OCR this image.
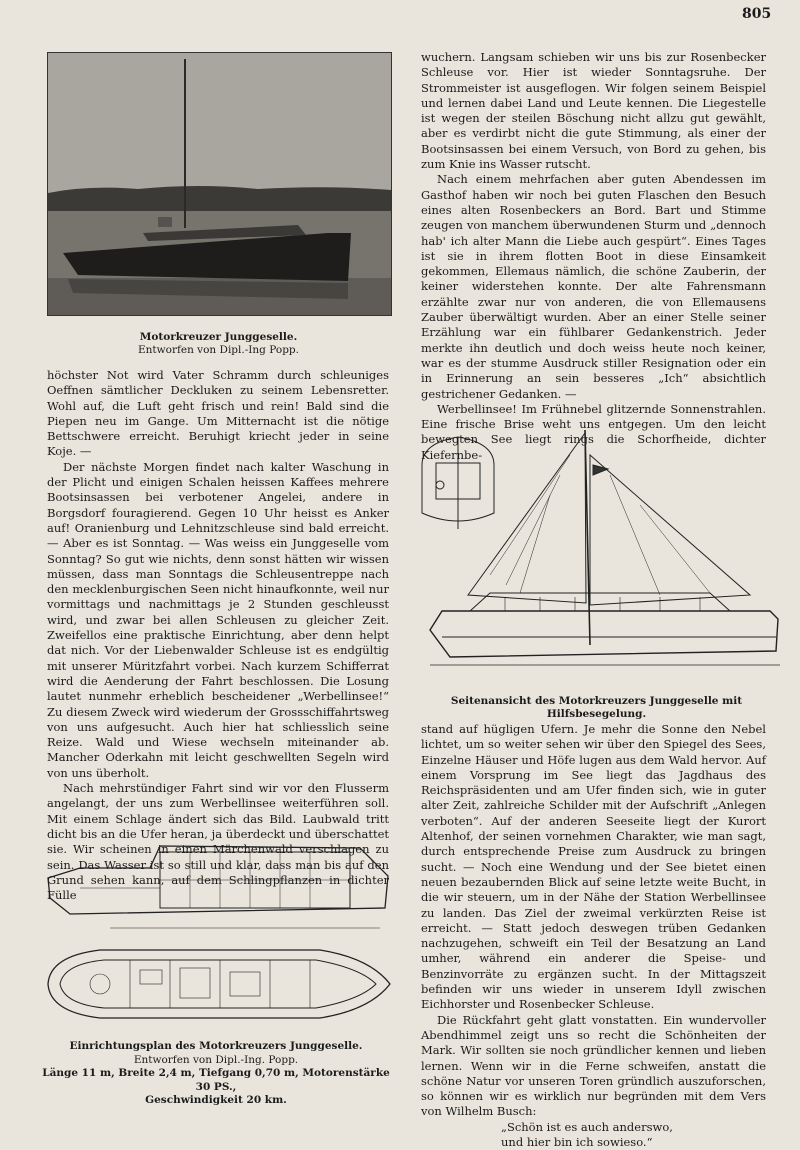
805
Motorkreuzer Junggeselle.
Entworfen von Dipl.-Ing Popp.

höchster Not wird Vater Schramm durch schleuniges Oeffnen sämtlicher Deckluken zu seinem Lebensretter. Wohl auf, die Luft geht frisch und rein! Bald sind die Piepen neu im Gange. Um Mitternacht ist die nötige Bettschwere erreicht. Beruhigt kriecht jeder in seine Koje. —

Der nächste Morgen findet nach kalter Waschung in der Plicht und einigen Schalen heissen Kaffees mehrere Bootsinsassen bei verbotener Angelei, andere in Borgsdorf fouragierend. Gegen 10 Uhr heisst es Anker auf! Oranienburg und Lehnitzschleuse sind bald erreicht. — Aber es ist Sonntag. — Was weiss ein Junggeselle vom Sonntag? So gut wie nichts, denn sonst hätten wir wissen müssen, dass man Sonntags die Schleusentreppe nach den mecklenburgischen Seen nicht hinaufkonnte, weil nur vormittags und nachmittags je 2 Stunden geschleusst wird, und zwar bei allen Schleusen zu gleicher Zeit. Zweifellos eine praktische Einrichtung, aber denn helpt dat nich. Vor der Liebenwalder Schleuse ist es endgültig mit unserer Müritzfahrt vorbei. Nach kurzem Schifferrat wird die Aenderung der Fahrt beschlossen. Die Losung lautet nunmehr erheblich bescheidener „Werbellinsee!“ Zu diesem Zweck wird wiederum der Grossschiffahrtsweg von uns aufgesucht. Auch hier hat schliesslich seine Reize. Wald und Wiese wechseln miteinander ab. Mancher Oderkahn mit leicht geschwellten Segeln wird von uns überholt.

Nach mehrstündiger Fahrt sind wir vor den Flusserm angelangt, der uns zum Werbellinsee weiterführen soll. Mit einem Schlage ändert sich das Bild. Laubwald tritt dicht bis an die Ufer heran, ja überdeckt und überschattet sie. Wir scheinen in einen Märchenwald verschlagen zu sein. Das Wasser ist so still und klar, dass man bis auf den Grund sehen kann, auf dem Schlingpflanzen in dichter Fülle

wuchern. Langsam schieben wir uns bis zur Rosenbecker Schleuse vor. Hier ist wieder Sonntagsruhe. Der Strommeister ist ausgeflogen. Wir folgen seinem Beispiel und lernen dabei Land und Leute kennen. Die Liegestelle ist wegen der steilen Böschung nicht allzu gut gewählt, aber es verdirbt nicht die gute Stimmung, als einer der Bootsinsassen bei einem Versuch, von Bord zu gehen, bis zum Knie ins Wasser rutscht.

Nach einem mehrfachen aber guten Abendessen im Gasthof haben wir noch bei guten Flaschen den Besuch eines alten Rosenbeckers an Bord. Bart und Stimme zeugen von manchem überwundenen Sturm und „dennoch hab' ich alter Mann die Liebe auch gespürt“. Eines Tages ist sie in ihrem flotten Boot in diese Einsamkeit gekommen, Ellemaus nämlich, die schöne Zauberin, der keiner widerstehen konnte. Der alte Fahrensmann erzählte zwar nur von anderen, die von Ellemausens Zauber überwältigt wurden. Aber an einer Stelle seiner Erzählung war ein fühlbarer Gedankenstrich. Jeder merkte ihn deutlich und doch weiss heute noch keiner, war es der stumme Ausdruck stiller Resignation oder ein in Erinnerung an sein besseres „Ich“ absichtlich gestrichener Gedanken. —

Werbellinsee! Im Frühnebel glitzernde Sonnenstrahlen. Eine frische Brise weht uns entgegen. Um den leicht bewegten See liegt rings die Schorfheide, dichter Kiefernbe-

Seitenansicht des Motorkreuzers Junggeselle mit Hilfsbesegelung.

stand auf hügligen Ufern. Je mehr die Sonne den Nebel lichtet, um so weiter sehen wir über den Spiegel des Sees, Einzelne Häuser und Höfe lugen aus dem Wald hervor. Auf einem Vorsprung im See liegt das Jagdhaus des Reichspräsidenten und am Ufer finden sich, wie in guter alter Zeit, zahlreiche Schilder mit der Aufschrift „Anlegen verboten“. Auf der anderen Seeseite liegt der Kurort Altenhof, der seinen vornehmen Charakter, wie man sagt, durch entsprechende Preise zum Ausdruck zu bringen sucht. — Noch eine Wendung und der See bietet einen neuen bezaubernden Blick auf seine letzte weite Bucht, in die wir steuern, um in der Nähe der Station Werbellinsee zu landen. Das Ziel der zweimal verkürzten Reise ist erreicht. — Statt jedoch deswegen trüben Gedanken nachzugehen, schweift ein Teil der Besatzung an Land umher, während ein anderer die Speise- und Benzinvorräte zu ergänzen sucht. In der Mittagszeit befinden wir uns wieder in unserem Idyll zwischen Eichhorster und Rosenbecker Schleuse.

Die Rückfahrt geht glatt vonstatten. Ein wundervoller Abendhimmel zeigt uns so recht die Schönheiten der Mark. Wir sollten sie noch gründlicher kennen und lieben lernen. Wenn wir in die Ferne schweifen, anstatt die schöne Natur vor unseren Toren gründlich auszuforschen, so können wir es wirklich nur begründen mit dem Vers von Wilhelm Busch:

„Schön ist es auch anderswo,

und hier bin ich sowieso.“

Einrichtungsplan des Motorkreuzers Junggeselle.
Entworfen von Dipl.-Ing. Popp.
Länge 11 m, Breite 2,4 m, Tiefgang 0,70 m, Motorenstärke 30 PS.,
Geschwindigkeit 20 km.
